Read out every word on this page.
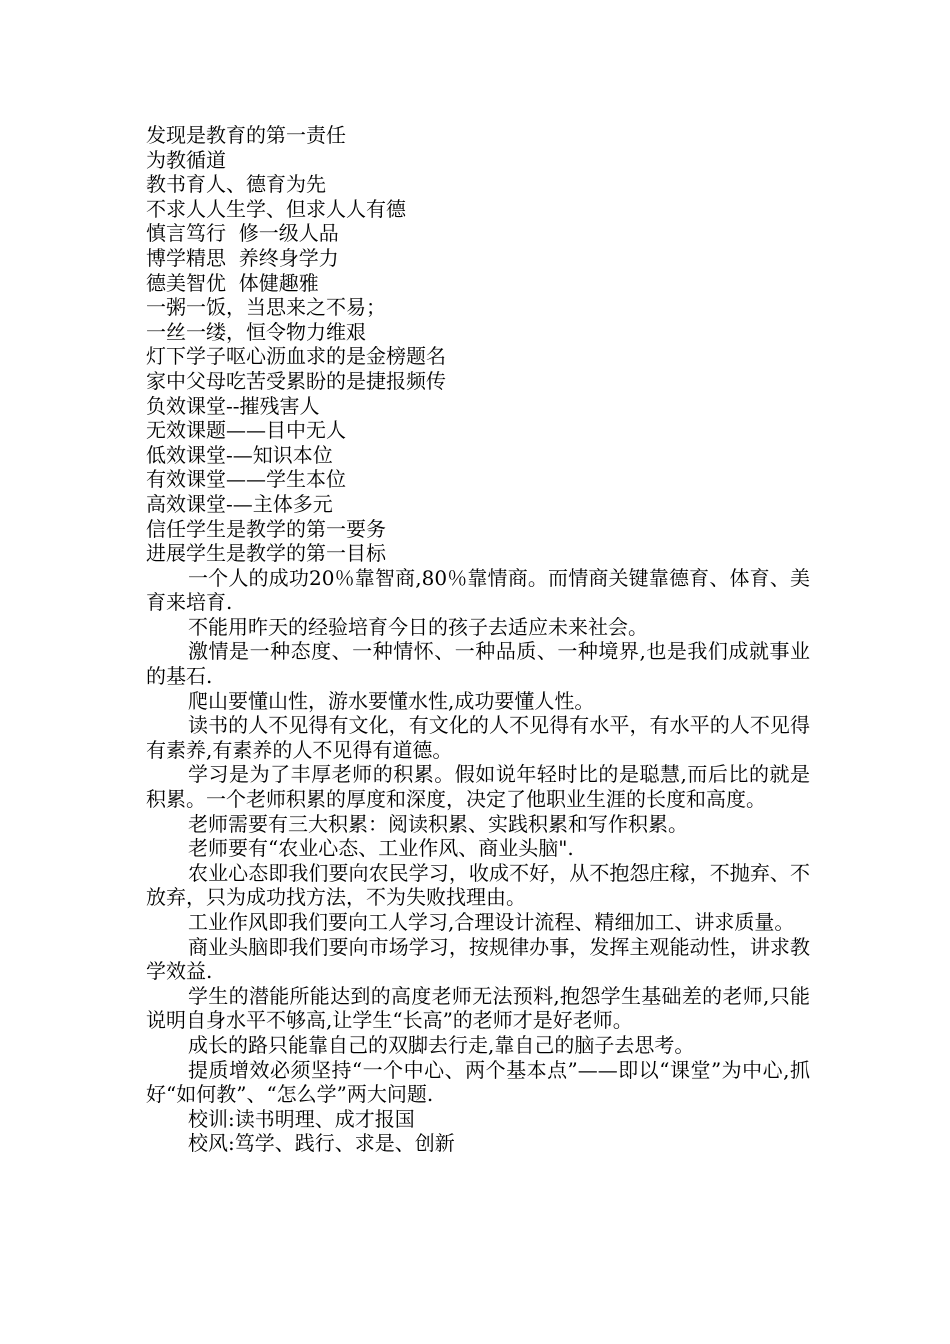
发现是教育的第一责任
为教循道
教书育人、德育为先
不求人人生学、但求人人有德
慎言笃行  修一级人品
博学精思  养终身学力
德美智优  体健趣雅
一粥一饭，当思来之不易；
一丝一缕，恒令物力维艰
灯下学子呕心沥血求的是金榜题名
家中父母吃苦受累盼的是捷报频传
负效课堂--摧残害人
无效课题——目中无人
低效课堂-—知识本位
有效课堂——学生本位
高效课堂-—主体多元
信任学生是教学的第一要务
进展学生是教学的第一目标
一个人的成功20％靠智商,80％靠情商。而情商关键靠德育、体育、美育来培育.
不能用昨天的经验培育今日的孩子去适应未来社会。
激情是一种态度、一种情怀、一种品质、一种境界,也是我们成就事业的基石.
爬山要懂山性，游水要懂水性,成功要懂人性。
读书的人不见得有文化，有文化的人不见得有水平，有水平的人不见得有素养,有素养的人不见得有道德。
学习是为了丰厚老师的积累。假如说年轻时比的是聪慧,而后比的就是积累。一个老师积累的厚度和深度，决定了他职业生涯的长度和高度。
老师需要有三大积累：阅读积累、实践积累和写作积累。
老师要有“农业心态、工业作风、商业头脑".
农业心态即我们要向农民学习，收成不好，从不抱怨庄稼，不抛弃、不放弃，只为成功找方法，不为失败找理由。
工业作风即我们要向工人学习,合理设计流程、精细加工、讲求质量。
商业头脑即我们要向市场学习，按规律办事，发挥主观能动性，讲求教学效益.
学生的潜能所能达到的高度老师无法预料,抱怨学生基础差的老师,只能说明自身水平不够高,让学生“长高”的老师才是好老师。
成长的路只能靠自己的双脚去行走,靠自己的脑子去思考。
提质增效必须坚持“一个中心、两个基本点”——即以“课堂”为中心,抓好“如何教”、“怎么学”两大问题.
校训:读书明理、成才报国
校风:笃学、践行、求是、创新
